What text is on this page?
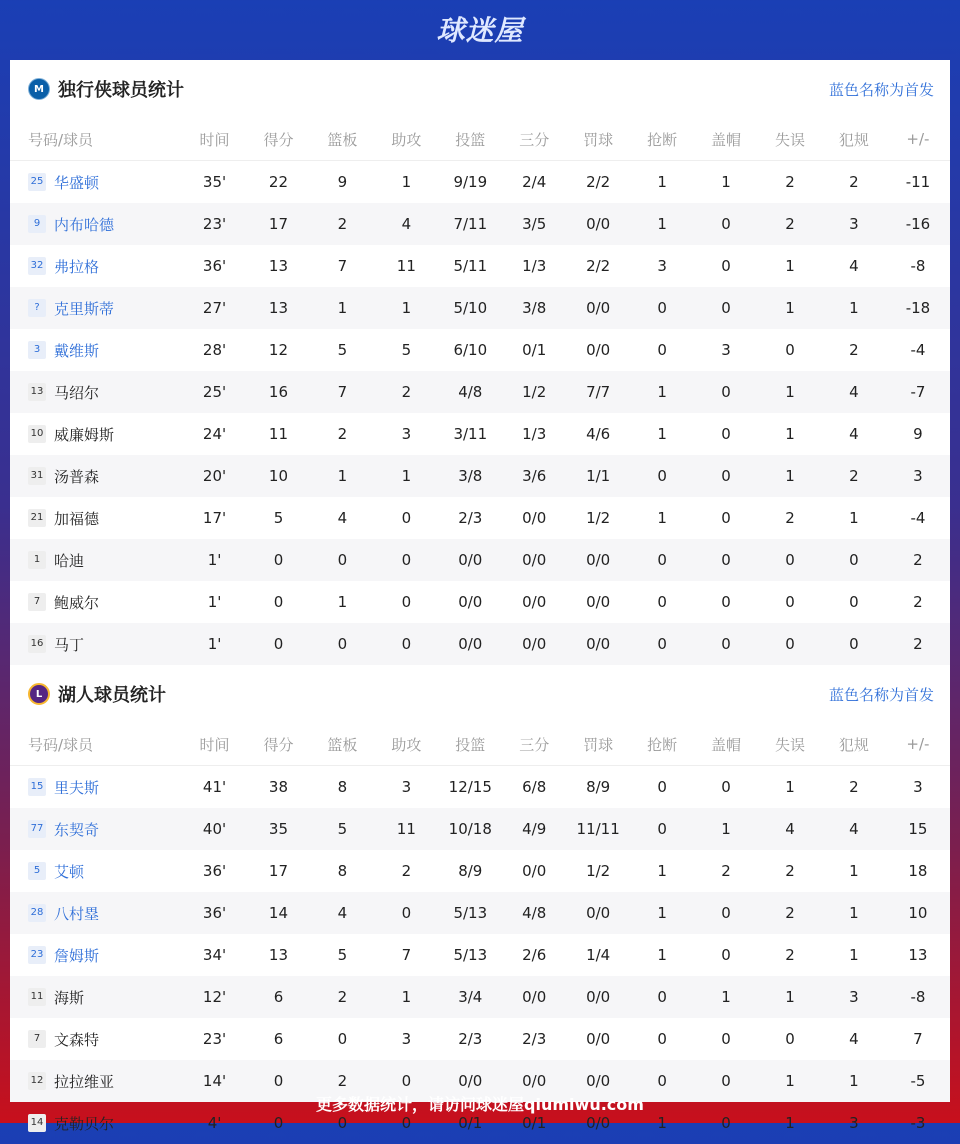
球迷屋
M 独行侠球员统计	蓝色名称为首发
号码/球员	时间	得分	篮板	助攻	投篮	三分	罚球	抢断	盖帽	失误	犯规	+/-
25 华盛顿	35'	22	9	1	9/19	2/4	2/2	1	1	2	2	-11
9 内布哈德	23'	17	2	4	7/11	3/5	0/0	1	0	2	3	-16
32 弗拉格	36'	13	7	11	5/11	1/3	2/2	3	0	1	4	-8
? 克里斯蒂	27'	13	1	1	5/10	3/8	0/0	0	0	1	1	-18
3 戴维斯	28'	12	5	5	6/10	0/1	0/0	0	3	0	2	-4
13 马绍尔	25'	16	7	2	4/8	1/2	7/7	1	0	1	4	-7
10 威廉姆斯	24'	11	2	3	3/11	1/3	4/6	1	0	1	4	9
31 汤普森	20'	10	1	1	3/8	3/6	1/1	0	0	1	2	3
21 加福德	17'	5	4	0	2/3	0/0	1/2	1	0	2	1	-4
1 哈迪	1'	0	0	0	0/0	0/0	0/0	0	0	0	0	2
7 鲍威尔	1'	0	1	0	0/0	0/0	0/0	0	0	0	0	2
16 马丁	1'	0	0	0	0/0	0/0	0/0	0	0	0	0	2
L 湖人球员统计	蓝色名称为首发
号码/球员	时间	得分	篮板	助攻	投篮	三分	罚球	抢断	盖帽	失误	犯规	+/-
15 里夫斯	41'	38	8	3	12/15	6/8	8/9	0	0	1	2	3
77 东契奇	40'	35	5	11	10/18	4/9	11/11	0	1	4	4	15
5 艾顿	36'	17	8	2	8/9	0/0	1/2	1	2	2	1	18
28 八村塁	36'	14	4	0	5/13	4/8	0/0	1	0	2	1	10
23 詹姆斯	34'	13	5	7	5/13	2/6	1/4	1	0	2	1	13
11 海斯	12'	6	2	1	3/4	0/0	0/0	0	1	1	3	-8
7 文森特	23'	6	0	3	2/3	2/3	0/0	0	0	0	4	7
12 拉拉维亚	14'	0	2	0	0/0	0/0	0/0	0	0	1	1	-5
14 克勒贝尔	4'	0	0	0	0/1	0/1	0/0	1	0	1	3	-3
更多数据统计，请访问球迷屋qiumiwu.com
